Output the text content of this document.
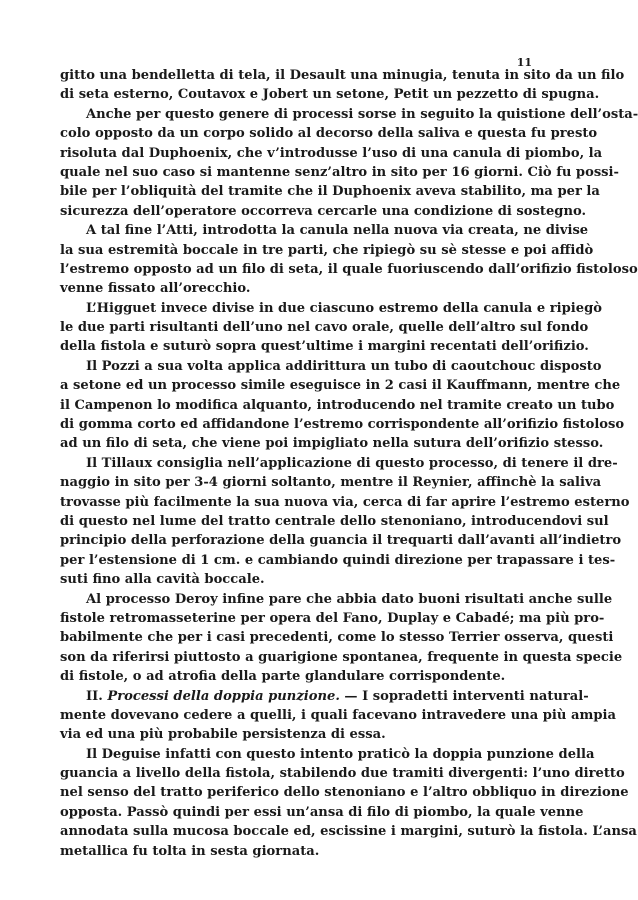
11
gitto una bendelletta di tela, il Desault una minugia, tenuta in sito da un filo
di seta esterno, Coutavox e Jobert un setone, Petit un pezzetto di spugna.
Anche per questo genere di processi sorse in seguito la quistione dell’osta-
colo opposto da un corpo solido al decorso della saliva e questa fu presto
risoluta dal Duphoenix, che v’introdusse l’uso di una canula di piombo, la
quale nel suo caso si mantenne senz’altro in sito per 16 giorni. Ciò fu possi-
bile per l’obliquità del tramite che il Duphoenix aveva stabilito, ma per la
sicurezza dell’operatore occorreva cercarle una condizione di sostegno.
A tal fine l’Atti, introdotta la canula nella nuova via creata, ne divise
la sua estremità boccale in tre parti, che ripiegò su sè stesse e poi affidò
l’estremo opposto ad un filo di seta, il quale fuoriuscendo dall’orifizio fistoloso
venne fissato all’orecchio.
L’Higguet invece divise in due ciascuno estremo della canula e ripiegò
le due parti risultanti dell’uno nel cavo orale, quelle dell’altro sul fondo
della fistola e suturò sopra quest’ultime i margini recentati dell’orifizio.
Il Pozzi a sua volta applica addirittura un tubo di caoutchouc disposto
a setone ed un processo simile eseguisce in 2 casi il Kauffmann, mentre che
il Campenon lo modifica alquanto, introducendo nel tramite creato un tubo
di gomma corto ed affidandone l’estremo corrispondente all’orifizio fistoloso
ad un filo di seta, che viene poi impigliato nella sutura dell’orifizio stesso.
Il Tillaux consiglia nell’applicazione di questo processo, di tenere il dre-
naggio in sito per 3-4 giorni soltanto, mentre il Reynier, affinchè la saliva
trovasse più facilmente la sua nuova via, cerca di far aprire l’estremo esterno
di questo nel lume del tratto centrale dello stenoniano, introducendovi sul
principio della perforazione della guancia il trequarti dall’avanti all’indietro
per l’estensione di 1 cm. e cambiando quindi direzione per trapassare i tes-
suti fino alla cavità boccale.
Al processo Deroy infine pare che abbia dato buoni risultati anche sulle
fistole retromasseterine per opera del Fano, Duplay e Cabadé; ma più pro-
babilmente che per i casi precedenti, come lo stesso Terrier osserva, questi
son da riferirsi piuttosto a guarigione spontanea, frequente in questa specie
di fistole, o ad atrofia della parte glandulare corrispondente.
II. Processi della doppia punzione. — I sopradetti interventi natural-
mente dovevano cedere a quelli, i quali facevano intravedere una più ampia
via ed una più probabile persistenza di essa.
Il Deguise infatti con questo intento praticò la doppia punzione della
guancia a livello della fistola, stabilendo due tramiti divergenti: l’uno diretto
nel senso del tratto periferico dello stenoniano e l’altro obbliquo in direzione
opposta. Passò quindi per essi un’ansa di filo di piombo, la quale venne
annodata sulla mucosa boccale ed, escissine i margini, suturò la fistola. L’ansa
metallica fu tolta in sesta giornata.
